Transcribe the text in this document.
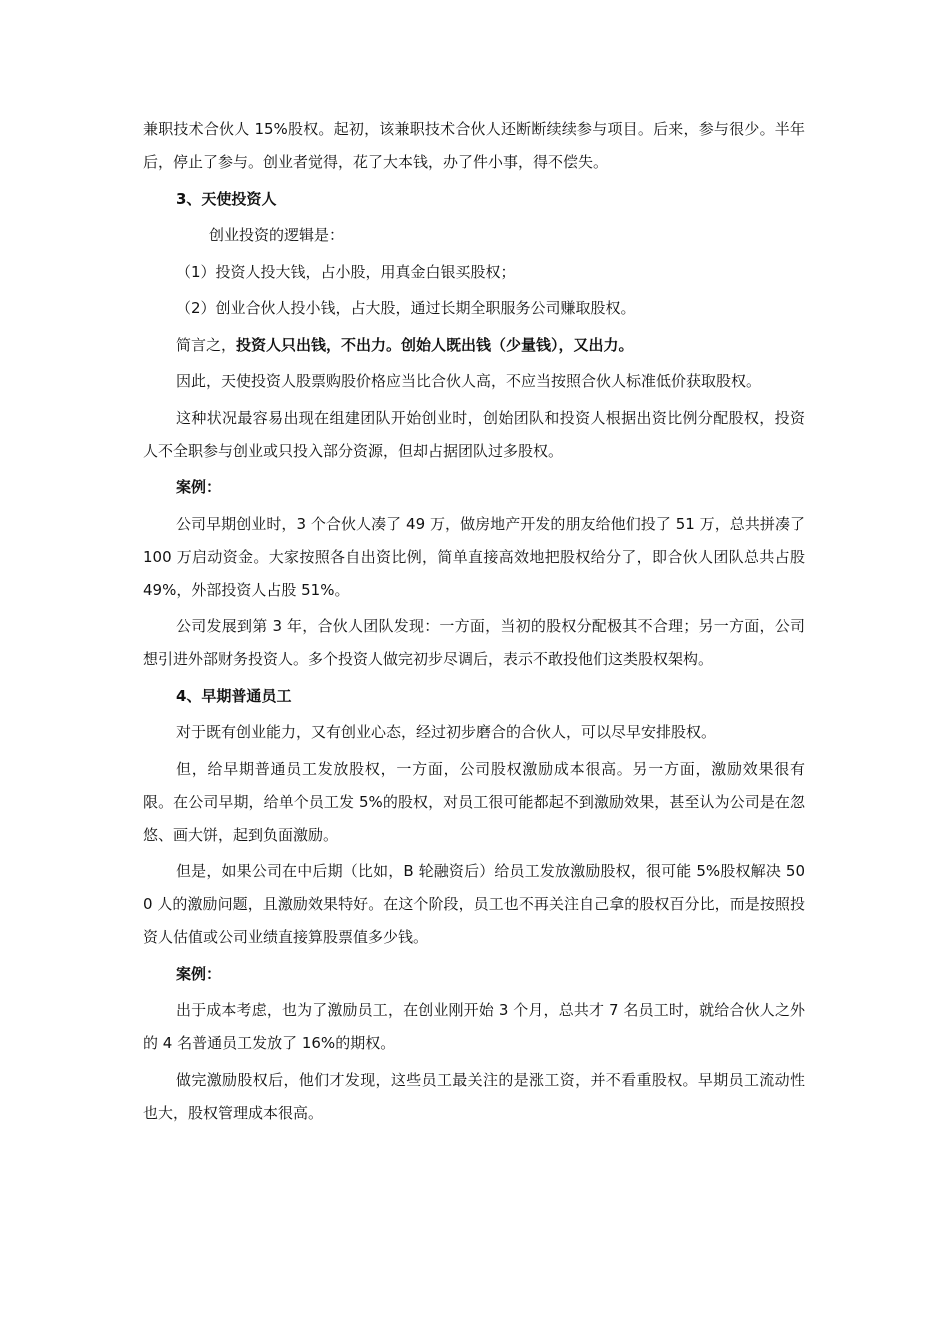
兼职技术合伙人 15%股权。起初，该兼职技术合伙人还断断续续参与项目。后来，参与很少。半年后，停止了参与。创业者觉得，花了大本钱，办了件小事，得不偿失。

3、天使投资人

创业投资的逻辑是：

（1）投资人投大钱，占小股，用真金白银买股权；

（2）创业合伙人投小钱，占大股，通过长期全职服务公司赚取股权。

简言之，投资人只出钱，不出力。创始人既出钱（少量钱），又出力。

因此，天使投资人股票购股价格应当比合伙人高，不应当按照合伙人标准低价获取股权。

这种状况最容易出现在组建团队开始创业时，创始团队和投资人根据出资比例分配股权，投资人不全职参与创业或只投入部分资源，但却占据团队过多股权。

案例：

公司早期创业时，3 个合伙人凑了 49 万，做房地产开发的朋友给他们投了 51 万，总共拼凑了 100 万启动资金。大家按照各自出资比例，简单直接高效地把股权给分了，即合伙人团队总共占股 49%，外部投资人占股 51%。

公司发展到第 3 年，合伙人团队发现：一方面，当初的股权分配极其不合理；另一方面，公司想引进外部财务投资人。多个投资人做完初步尽调后，表示不敢投他们这类股权架构。

4、早期普通员工

对于既有创业能力，又有创业心态，经过初步磨合的合伙人，可以尽早安排股权。

但，给早期普通员工发放股权，一方面，公司股权激励成本很高。另一方面，激励效果很有限。在公司早期，给单个员工发 5%的股权，对员工很可能都起不到激励效果，甚至认为公司是在忽悠、画大饼，起到负面激励。

但是，如果公司在中后期（比如，B 轮融资后）给员工发放激励股权，很可能 5%股权解决 500 人的激励问题，且激励效果特好。在这个阶段，员工也不再关注自己拿的股权百分比，而是按照投资人估值或公司业绩直接算股票值多少钱。

案例：

出于成本考虑，也为了激励员工，在创业刚开始 3 个月，总共才 7 名员工时，就给合伙人之外的 4 名普通员工发放了 16%的期权。

做完激励股权后，他们才发现，这些员工最关注的是涨工资，并不看重股权。早期员工流动性也大，股权管理成本很高。
